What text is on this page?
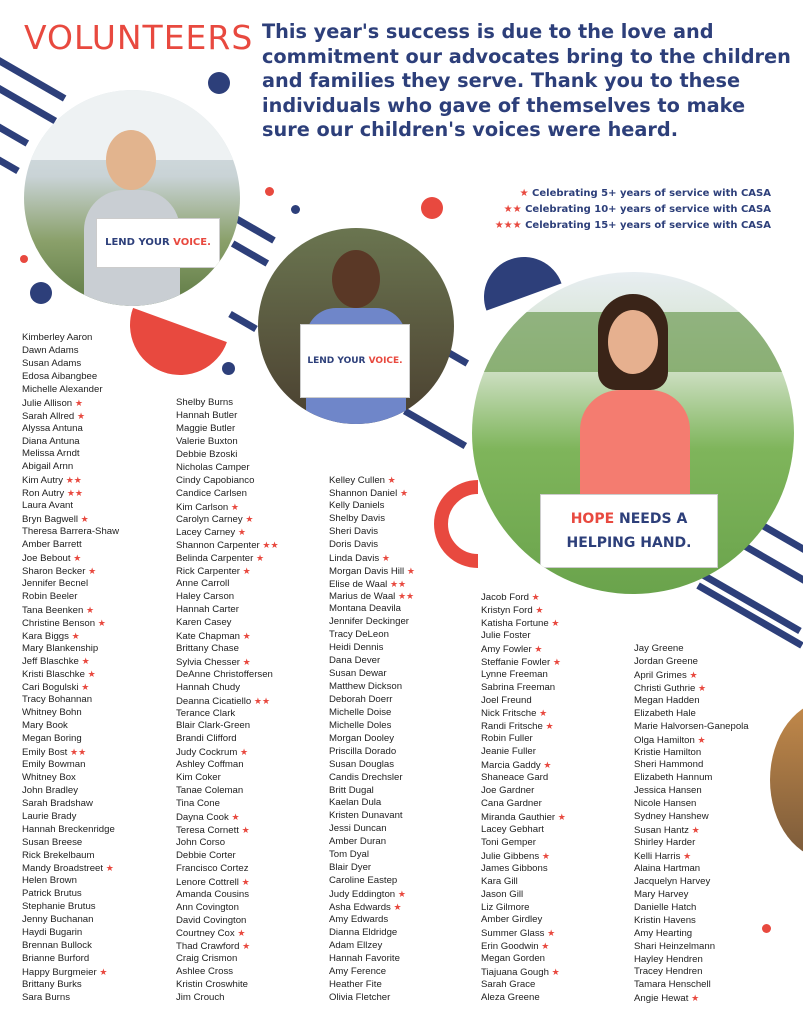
VOLUNTEERS This year's success is due to the love and commitment our advocates bring to the children and families they serve. Thank you to these individuals who gave of themselves to make sure our children's voices were heard.
★ Celebrating 5+ years of service with CASA
★★ Celebrating 10+ years of service with CASA
★★★ Celebrating 15+ years of service with CASA
LEND YOUR VOICE.
LEND YOUR VOICE.
HOPE NEEDS A
HELPING HAND.
Kimberley Aaron
Dawn Adams
Susan Adams
Edosa Aibangbee
Michelle Alexander
Julie Allison ★
Sarah Allred ★
Alyssa Antuna
Diana Antuna
Melissa Arndt
Abigail Arnn
Kim Autry ★★
Ron Autry ★★
Laura Avant
Bryn Bagwell ★
Theresa Barrera-Shaw
Amber Barrett
Joe Bebout ★
Sharon Becker ★
Jennifer Becnel
Robin Beeler
Tana Beenken ★
Christine Benson ★
Kara Biggs ★
Mary Blankenship
Jeff Blaschke ★
Kristi Blaschke ★
Cari Bogulski ★
Tracy Bohannan
Whitney Bohn
Mary Book
Megan Boring
Emily Bost ★★
Emily Bowman
Whitney Box
John Bradley
Sarah Bradshaw
Laurie Brady
Hannah Breckenridge
Susan Breese
Rick Brekelbaum
Mandy Broadstreet ★
Helen Brown
Patrick Brutus
Stephanie Brutus
Jenny Buchanan
Haydi Bugarin
Brennan Bullock
Brianne Burford
Happy Burgmeier ★
Brittany Burks
Sara Burns
Shelby Burns
Hannah Butler
Maggie Butler
Valerie Buxton
Debbie Bzoski
Nicholas Camper
Cindy Capobianco
Candice Carlsen
Kim Carlson ★
Carolyn Carney ★
Lacey Carney ★
Shannon Carpenter ★★
Belinda Carpenter ★
Rick Carpenter ★
Anne Carroll
Haley Carson
Hannah Carter
Karen Casey
Kate Chapman ★
Brittany Chase
Sylvia Chesser ★
DeAnne Christoffersen
Hannah Chudy
Deanna Cicatiello ★★
Terance Clark
Blair Clark-Green
Brandi Clifford
Judy Cockrum ★
Ashley Coffman
Kim Coker
Tanae Coleman
Tina Cone
Dayna Cook ★
Teresa Cornett ★
John Corso
Debbie Corter
Francisco Cortez
Lenore Cottrell ★
Amanda Cousins
Ann Covington
David Covington
Courtney Cox ★
Thad Crawford ★
Craig Crismon
Ashlee Cross
Kristin Croswhite
Jim Crouch
Kelley Cullen ★
Shannon Daniel ★
Kelly Daniels
Shelby Davis
Sheri Davis
Doris Davis
Linda Davis ★
Morgan Davis Hill ★
Elise de Waal ★★
Marius de Waal ★★
Montana Deavila
Jennifer Deckinger
Tracy DeLeon
Heidi Dennis
Dana Dever
Susan Dewar
Matthew Dickson
Deborah Doerr
Michelle Doise
Michelle Doles
Morgan Dooley
Priscilla Dorado
Susan Douglas
Candis Drechsler
Britt Dugal
Kaelan Dula
Kristen Dunavant
Jessi Duncan
Amber Duran
Tom Dyal
Blair Dyer
Caroline Eastep
Judy Eddington ★
Asha Edwards ★
Amy Edwards
Dianna Eldridge
Adam Ellzey
Hannah Favorite
Amy Ference
Heather Fite
Olivia Fletcher
Jacob Ford ★
Kristyn Ford ★
Katisha Fortune ★
Julie Foster
Amy Fowler ★
Steffanie Fowler ★
Lynne Freeman
Sabrina Freeman
Joel Freund
Nick Fritsche ★
Randi Fritsche ★
Robin Fuller
Jeanie Fuller
Marcia Gaddy ★
Shaneace Gard
Joe Gardner
Cana Gardner
Miranda Gauthier ★
Lacey Gebhart
Toni Gemper
Julie Gibbens ★
James Gibbons
Kara Gill
Jason Gill
Liz Gilmore
Amber Girdley
Summer Glass ★
Erin Goodwin ★
Megan Gorden
Tiajuana Gough ★
Sarah Grace
Aleza Greene
Jay Greene
Jordan Greene
April Grimes ★
Christi Guthrie ★
Megan Hadden
Elizabeth Hale
Marie Halvorsen-Ganepola
Olga Hamilton ★
Kristie Hamilton
Sheri Hammond
Elizabeth Hannum
Jessica Hansen
Nicole Hansen
Sydney Hanshew
Susan Hantz ★
Shirley Harder
Kelli Harris ★
Alaina Hartman
Jacquelyn Harvey
Mary Harvey
Danielle Hatch
Kristin Havens
Amy Hearting
Shari Heinzelmann
Hayley Hendren
Tracey Hendren
Tamara Henschell
Angie Hewat ★
